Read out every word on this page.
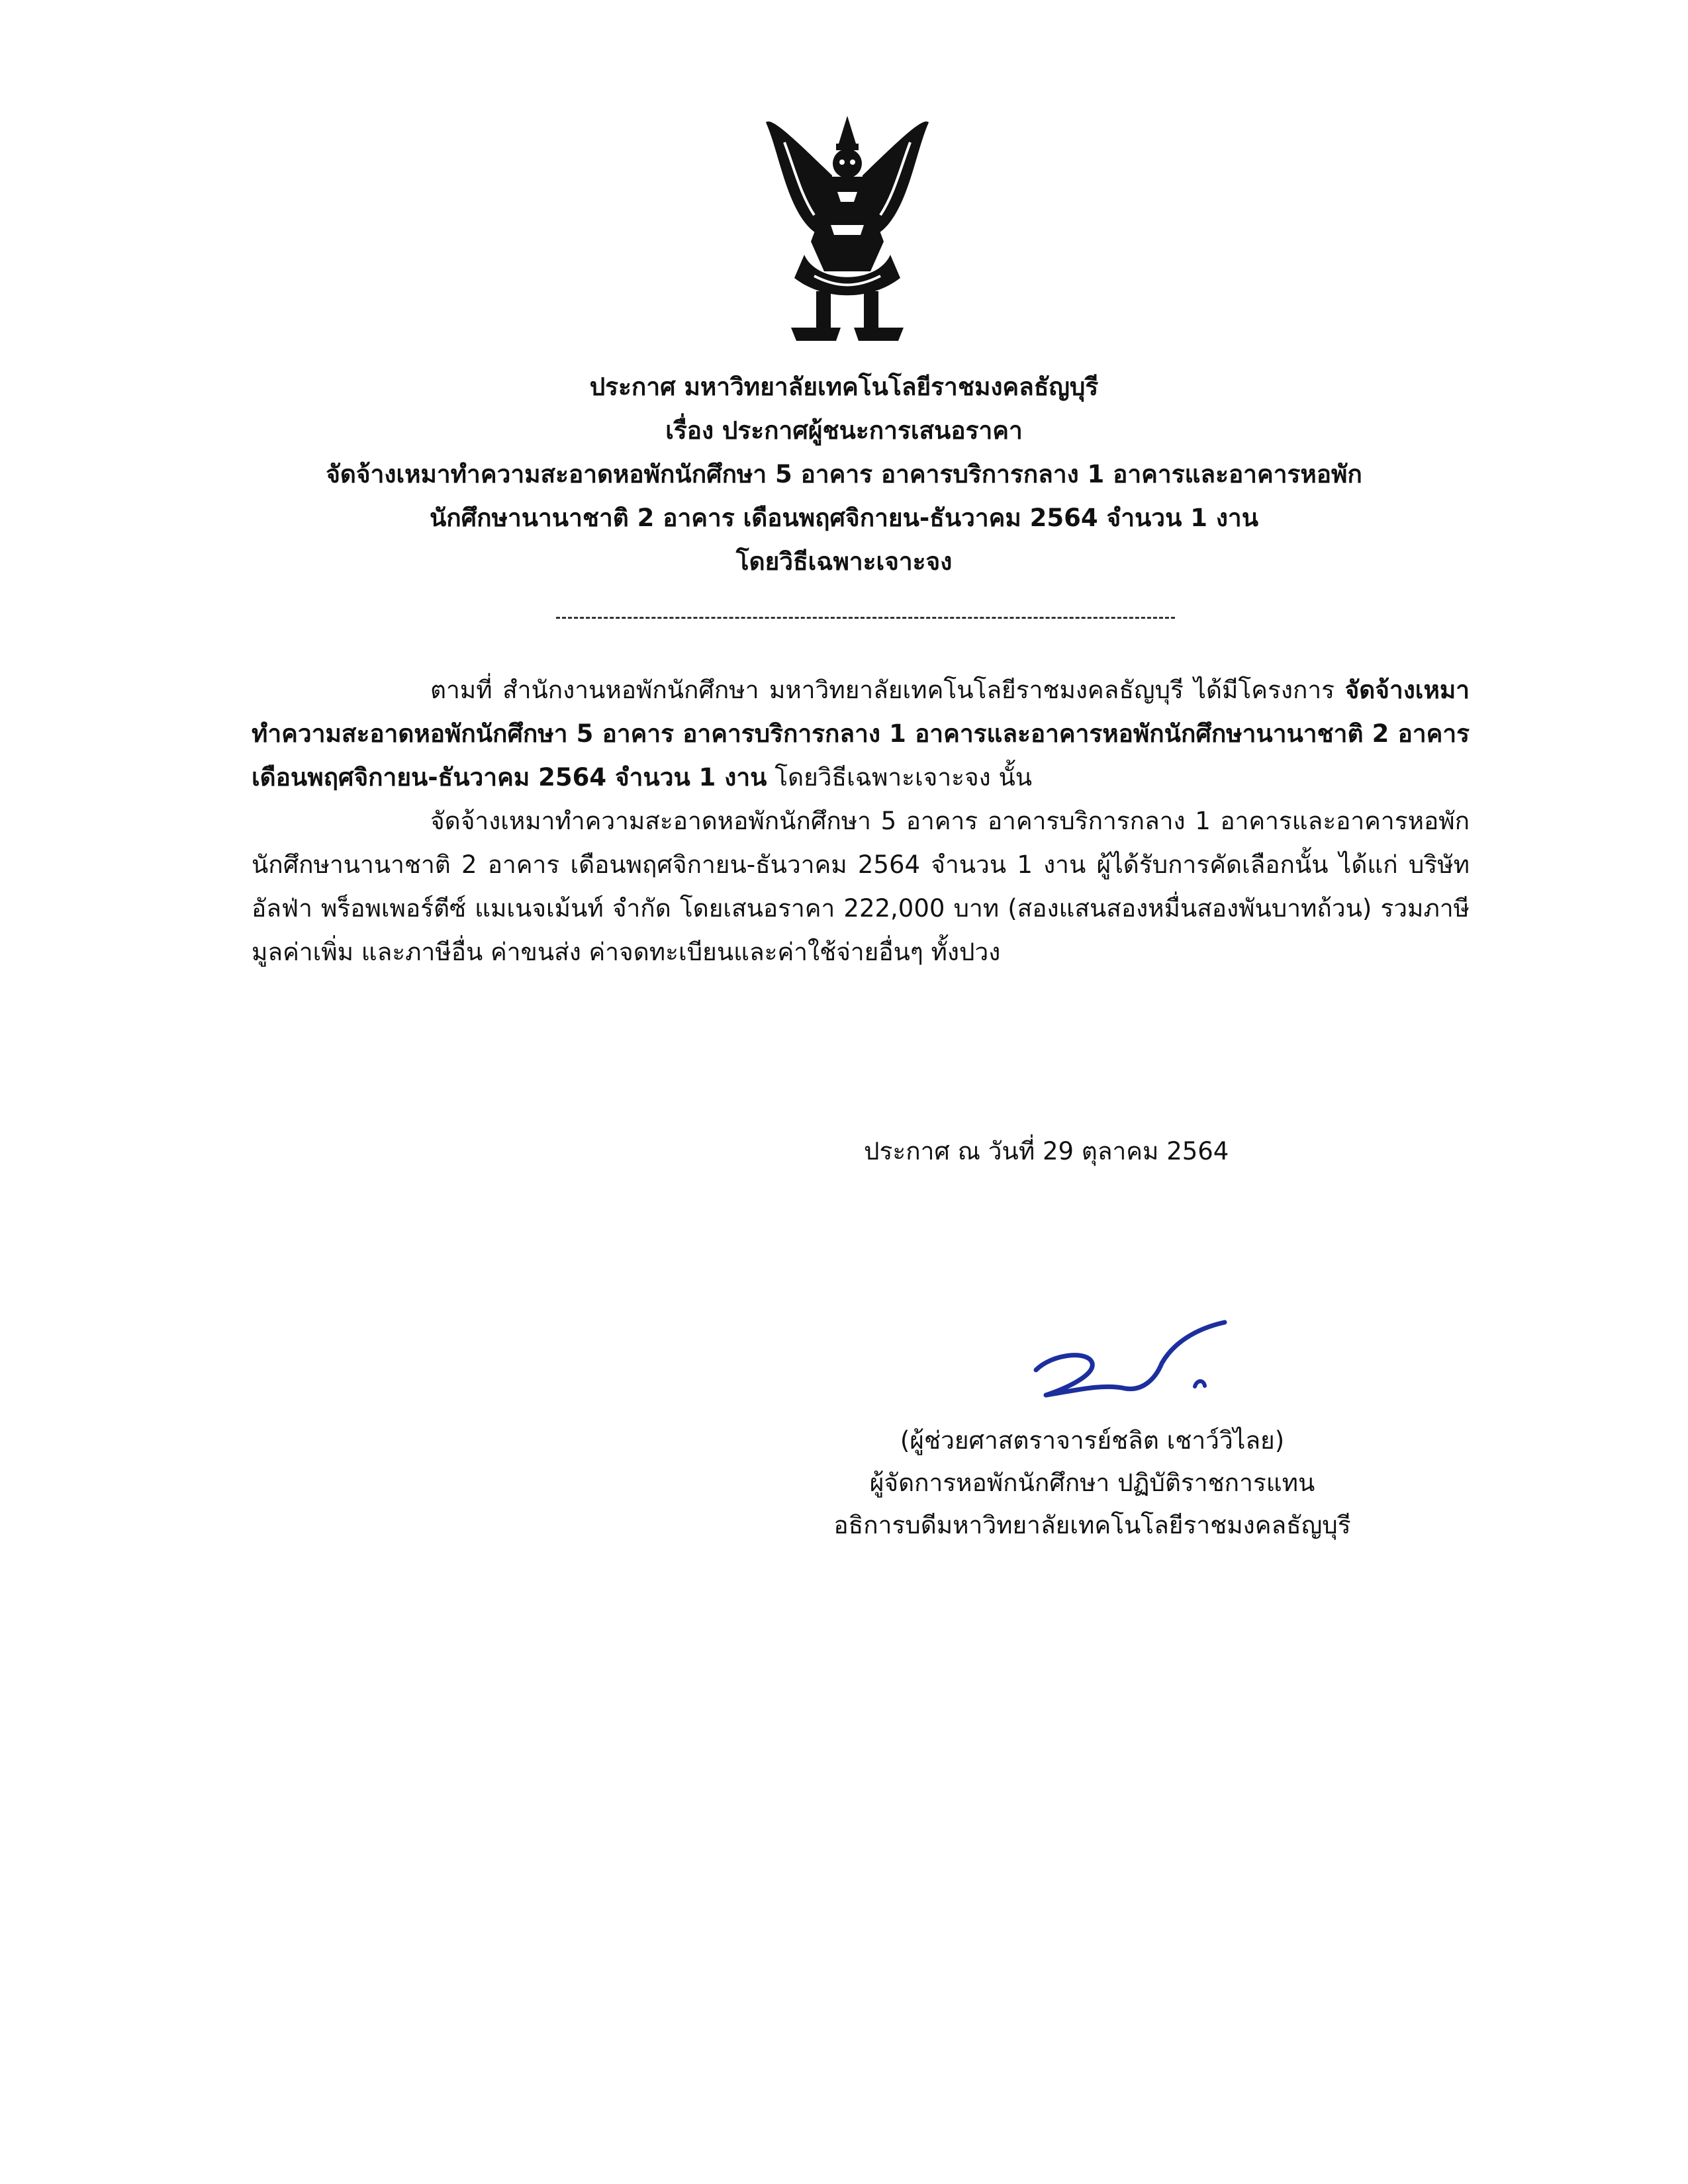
ประกาศ มหาวิทยาลัยเทคโนโลยีราชมงคลธัญบุรี
เรื่อง ประกาศผู้ชนะการเสนอราคา
จัดจ้างเหมาทำความสะอาดหอพักนักศึกษา 5 อาคาร อาคารบริการกลาง 1 อาคารและอาคารหอพัก
นักศึกษานานาชาติ 2 อาคาร เดือนพฤศจิกายน-ธันวาคม 2564 จำนวน 1 งาน
โดยวิธีเฉพาะเจาะจง

ตามที่ สำนักงานหอพักนักศึกษา มหาวิทยาลัยเทคโนโลยีราชมงคลธัญบุรี ได้มีโครงการ จัดจ้างเหมาทำความสะอาดหอพักนักศึกษา 5 อาคาร อาคารบริการกลาง 1 อาคารและอาคารหอพักนักศึกษานานาชาติ 2 อาคาร เดือนพฤศจิกายน-ธันวาคม 2564 จำนวน 1 งาน โดยวิธีเฉพาะเจาะจง นั้น

จัดจ้างเหมาทำความสะอาดหอพักนักศึกษา 5 อาคาร อาคารบริการกลาง 1 อาคารและอาคารหอพักนักศึกษานานาชาติ 2 อาคาร เดือนพฤศจิกายน-ธันวาคม 2564 จำนวน 1 งาน ผู้ได้รับการคัดเลือกนั้น ได้แก่ บริษัท อัลฟ่า พร็อพเพอร์ตีซ์ แมเนจเม้นท์ จำกัด โดยเสนอราคา 222,000 บาท (สองแสนสองหมื่นสองพันบาทถ้วน) รวมภาษีมูลค่าเพิ่ม และภาษีอื่น ค่าขนส่ง ค่าจดทะเบียนและค่าใช้จ่ายอื่นๆ ทั้งปวง

ประกาศ ณ วันที่ 29 ตุลาคม 2564
(ผู้ช่วยศาสตราจารย์ชลิต เชาว์วิไลย)
ผู้จัดการหอพักนักศึกษา ปฏิบัติราชการแทน
อธิการบดีมหาวิทยาลัยเทคโนโลยีราชมงคลธัญบุรี
